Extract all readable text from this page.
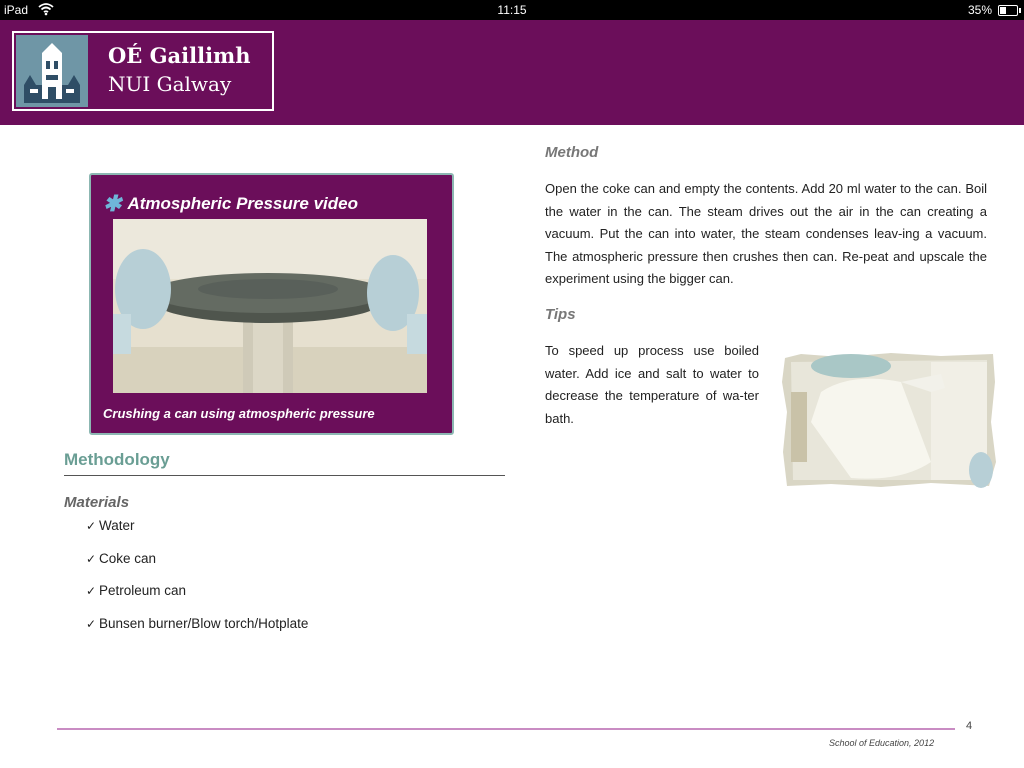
iPad	11:15	35%
OÉ Gaillimh
NUI Galway
✱ Atmospheric Pressure video
Crushing a can using atmospheric pressure
Methodology
Materials
✓ Water
✓ Coke can
✓ Petroleum can
✓ Bunsen burner/Blow torch/Hotplate
Method

Open the coke can and empty the contents. Add 20 ml water to the can. Boil the water in the can. The steam drives out the air in the can creating a vacuum. Put the can into water, the steam condenses leav-ing a vacuum. The atmospheric pressure then crushes then can. Re-peat and upscale the experiment using the bigger can.

Tips

To speed up process use boiled water. Add ice and salt to water to decrease the temperature of wa-ter bath.

4
School of Education, 2012
